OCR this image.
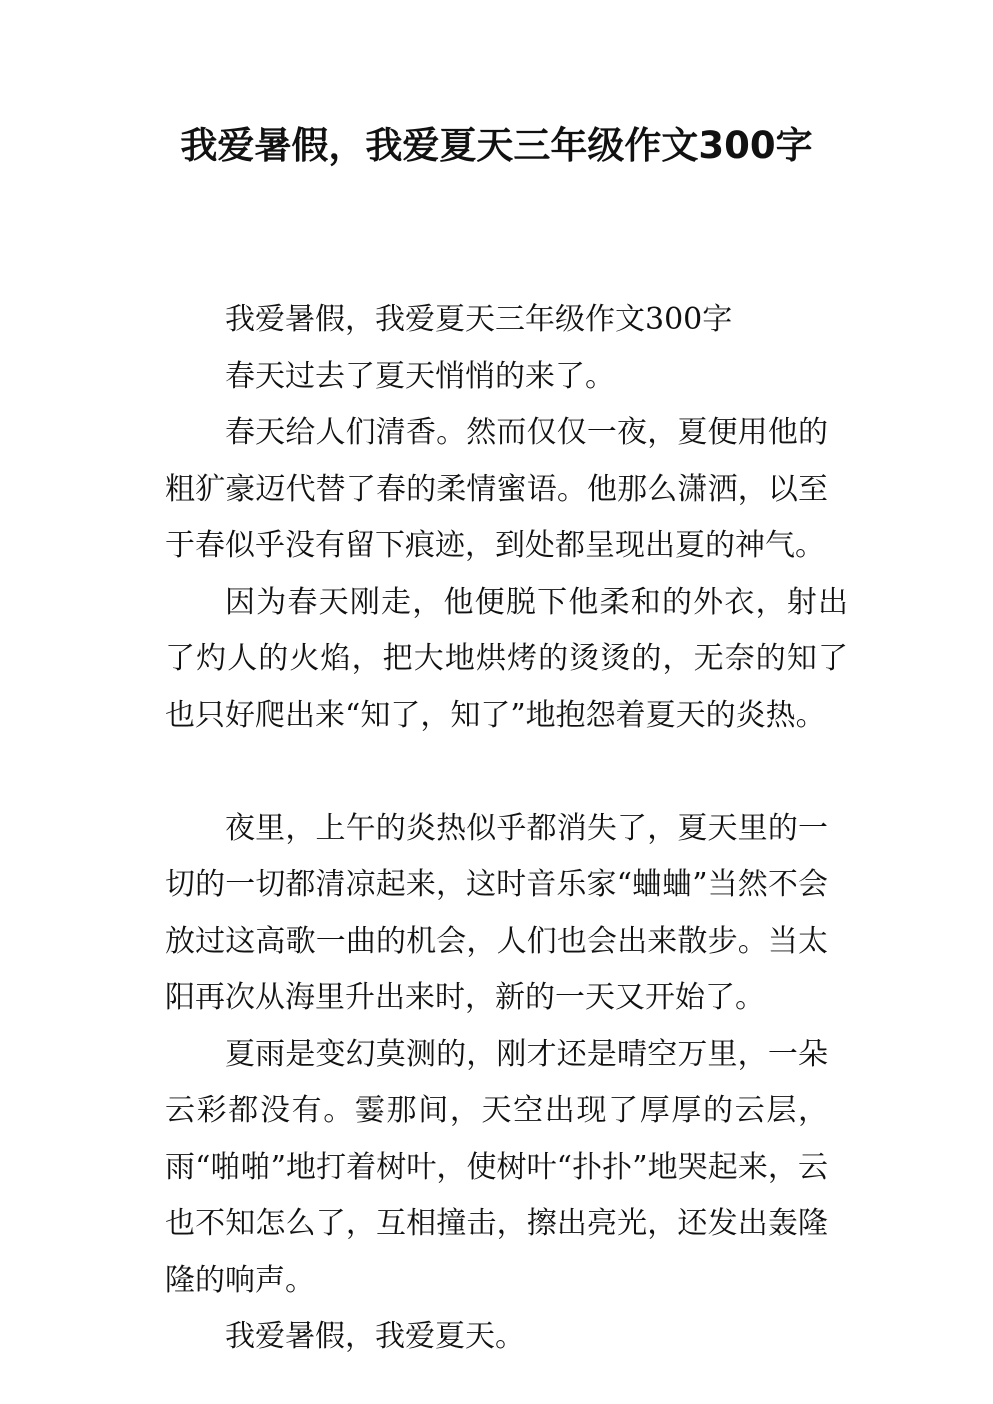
我爱暑假，我爱夏天三年级作文300字

我爱暑假，我爱夏天三年级作文300字

春天过去了夏天悄悄的来了。

春天给人们清香。然而仅仅一夜，夏便用他的粗犷豪迈代替了春的柔情蜜语。他那么潇洒，以至于春似乎没有留下痕迹，到处都呈现出夏的神气。

因为春天刚走，他便脱下他柔和的外衣，射出了灼人的火焰，把大地烘烤的烫烫的，无奈的知了也只好爬出来“知了，知了”地抱怨着夏天的炎热。

夜里，上午的炎热似乎都消失了，夏天里的一切的一切都清凉起来，这时音乐家“蛐蛐”当然不会放过这高歌一曲的机会，人们也会出来散步。当太阳再次从海里升出来时，新的一天又开始了。

夏雨是变幻莫测的，刚才还是晴空万里，一朵云彩都没有。霎那间，天空出现了厚厚的云层，雨“啪啪”地打着树叶，使树叶“扑扑”地哭起来，云也不知怎么了，互相撞击，擦出亮光，还发出轰隆隆的响声。

我爱暑假，我爱夏天。
